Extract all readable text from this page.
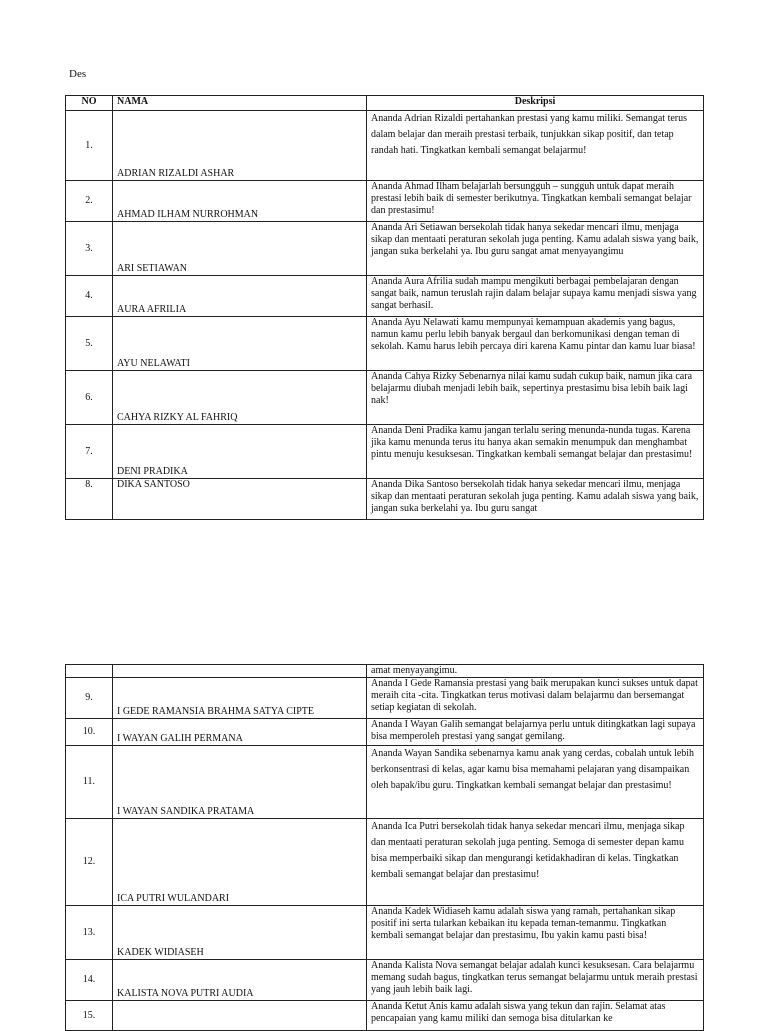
Des
NO	NAMA	Deskripsi
1.	ADRIAN RIZALDI ASHAR	Ananda Adrian Rizaldi pertahankan prestasi yang kamu miliki. Semangat terus dalam belajar dan meraih prestasi terbaik, tunjukkan sikap positif, dan tetap randah hati. Tingkatkan kembali semangat belajarmu!
2.	AHMAD ILHAM NURROHMAN	Ananda Ahmad Ilham belajarlah bersungguh – sungguh untuk dapat meraih prestasi lebih baik di semester berikutnya. Tingkatkan kembali semangat belajar dan prestasimu!
3.	ARI SETIAWAN	Ananda Ari Setiawan bersekolah tidak hanya sekedar mencari ilmu, menjaga sikap dan mentaati peraturan sekolah juga penting. Kamu adalah siswa yang baik, jangan suka berkelahi ya. Ibu guru sangat amat menyayangimu
4.	AURA AFRILIA	Ananda Aura Afrilia sudah mampu mengikuti berbagai pembelajaran dengan sangat baik, namun teruslah rajin dalam belajar supaya kamu menjadi siswa yang sangat berhasil.
5.	AYU NELAWATI	Ananda Ayu Nelawati kamu mempunyai kemampuan akademis yang bagus, namun kamu perlu lebih banyak bergaul dan berkomunikasi dengan teman di sekolah. Kamu harus lebih percaya diri karena Kamu pintar dan kamu luar biasa!
6.	CAHYA RIZKY AL FAHRIQ	Ananda Cahya Rizky Sebenarnya nilai kamu sudah cukup baik, namun jika cara belajarmu diubah menjadi lebih baik, sepertinya prestasimu bisa lebih baik lagi nak!
7.	DENI PRADIKA	Ananda Deni Pradika kamu jangan terlalu sering menunda-nunda tugas. Karena jika kamu menunda terus itu hanya akan semakin menumpuk dan menghambat pintu menuju kesuksesan. Tingkatkan kembali semangat belajar dan prestasimu!
8.	DIKA SANTOSO	Ananda Dika Santoso bersekolah tidak hanya sekedar mencari ilmu, menjaga sikap dan mentaati peraturan sekolah juga penting. Kamu adalah siswa yang baik, jangan suka berkelahi ya. Ibu guru sangat
		amat menyayangimu.
9.	I GEDE RAMANSIA BRAHMA SATYA CIPTE	Ananda I Gede Ramansia prestasi yang baik merupakan kunci sukses untuk dapat meraih cita -cita. Tingkatkan terus motivasi dalam belajarmu dan bersemangat setiap kegiatan di sekolah.
10.	I WAYAN GALIH PERMANA	Ananda I Wayan Galih semangat belajarnya perlu untuk ditingkatkan lagi supaya bisa memperoleh prestasi yang sangat gemilang.
11.	I WAYAN SANDIKA PRATAMA	Ananda Wayan Sandika sebenarnya kamu anak yang cerdas, cobalah untuk lebih berkonsentrasi di kelas, agar kamu bisa memahami pelajaran yang disampaikan oleh bapak/ibu guru. Tingkatkan kembali semangat belajar dan prestasimu!
12.	ICA PUTRI WULANDARI	Ananda Ica Putri bersekolah tidak hanya sekedar mencari ilmu, menjaga sikap dan mentaati peraturan sekolah juga penting. Semoga di semester depan kamu bisa memperbaiki sikap dan mengurangi ketidakhadiran di kelas. Tingkatkan kembali semangat belajar dan prestasimu!
13.	KADEK WIDIASEH	Ananda Kadek Widiaseh kamu adalah siswa yang ramah, pertahankan sikap positif ini serta tularkan kebaikan itu kepada teman-temanmu. Tingkatkan kembali semangat belajar dan prestasimu, Ibu yakin kamu pasti bisa!
14.	KALISTA NOVA PUTRI AUDIA	Ananda Kalista Nova semangat belajar adalah kunci kesuksesan. Cara belajarmu memang sudah bagus, tingkatkan terus semangat belajarmu untuk meraih prestasi yang jauh lebih baik lagi.
15.		Ananda Ketut Anis kamu adalah siswa yang tekun dan rajin. Selamat atas pencapaian yang kamu miliki dan semoga bisa ditularkan ke
